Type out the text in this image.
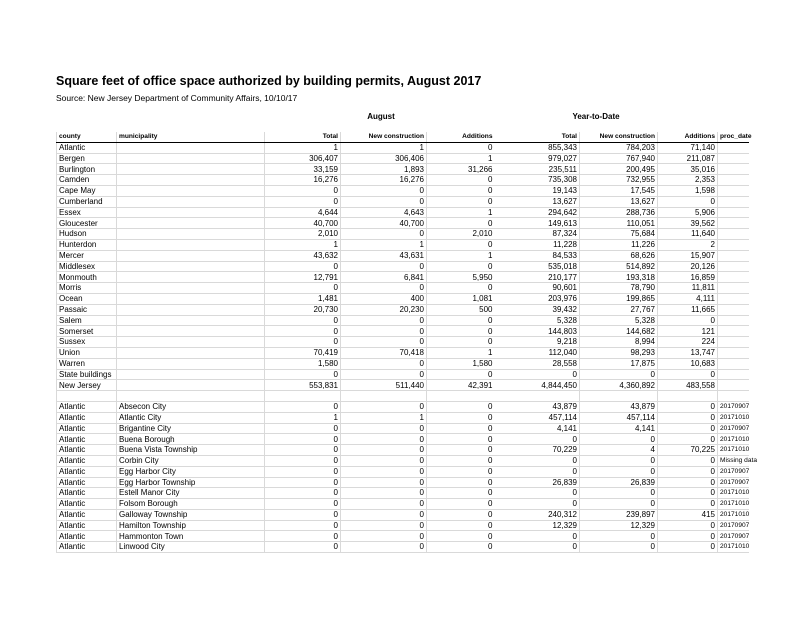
Square feet of office space authorized by building permits, August 2017
Source: New Jersey Department of Community Affairs, 10/10/17
August	Year-to-Date
county	municipality	Total	New construction	Additions		Total	New construction	Additions	proc_date
Atlantic		1	1	0		855,343	784,203	71,140	
Bergen		306,407	306,406	1		979,027	767,940	211,087	
Burlington		33,159	1,893	31,266		235,511	200,495	35,016	
Camden		16,276	16,276	0		735,308	732,955	2,353	
Cape May		0	0	0		19,143	17,545	1,598	
Cumberland		0	0	0		13,627	13,627	0	
Essex		4,644	4,643	1		294,642	288,736	5,906	
Gloucester		40,700	40,700	0		149,613	110,051	39,562	
Hudson		2,010	0	2,010		87,324	75,684	11,640	
Hunterdon		1	1	0		11,228	11,226	2	
Mercer		43,632	43,631	1		84,533	68,626	15,907	
Middlesex		0	0	0		535,018	514,892	20,126	
Monmouth		12,791	6,841	5,950		210,177	193,318	16,859	
Morris		0	0	0		90,601	78,790	11,811	
Ocean		1,481	400	1,081		203,976	199,865	4,111	
Passaic		20,730	20,230	500		39,432	27,767	11,665	
Salem		0	0	0		5,328	5,328	0	
Somerset		0	0	0		144,803	144,682	121	
Sussex		0	0	0		9,218	8,994	224	
Union		70,419	70,418	1		112,040	98,293	13,747	
Warren		1,580	0	1,580		28,558	17,875	10,683	
State buildings		0	0	0		0	0	0	
New Jersey		553,831	511,440	42,391		4,844,450	4,360,892	483,558	

Atlantic	Absecon City	0	0	0		43,879	43,879	0	20170907
Atlantic	Atlantic City	1	1	0		457,114	457,114	0	20171010
Atlantic	Brigantine City	0	0	0		4,141	4,141	0	20170907
Atlantic	Buena Borough	0	0	0		0	0	0	20171010
Atlantic	Buena Vista Township	0	0	0		70,229	4	70,225	20171010
Atlantic	Corbin City	0	0	0		0	0	0	Missing data
Atlantic	Egg Harbor City	0	0	0		0	0	0	20170907
Atlantic	Egg Harbor Township	0	0	0		26,839	26,839	0	20170907
Atlantic	Estell Manor City	0	0	0		0	0	0	20171010
Atlantic	Folsom Borough	0	0	0		0	0	0	20171010
Atlantic	Galloway Township	0	0	0		240,312	239,897	415	20171010
Atlantic	Hamilton Township	0	0	0		12,329	12,329	0	20170907
Atlantic	Hammonton Town	0	0	0		0	0	0	20170907
Atlantic	Linwood City	0	0	0		0	0	0	20171010
